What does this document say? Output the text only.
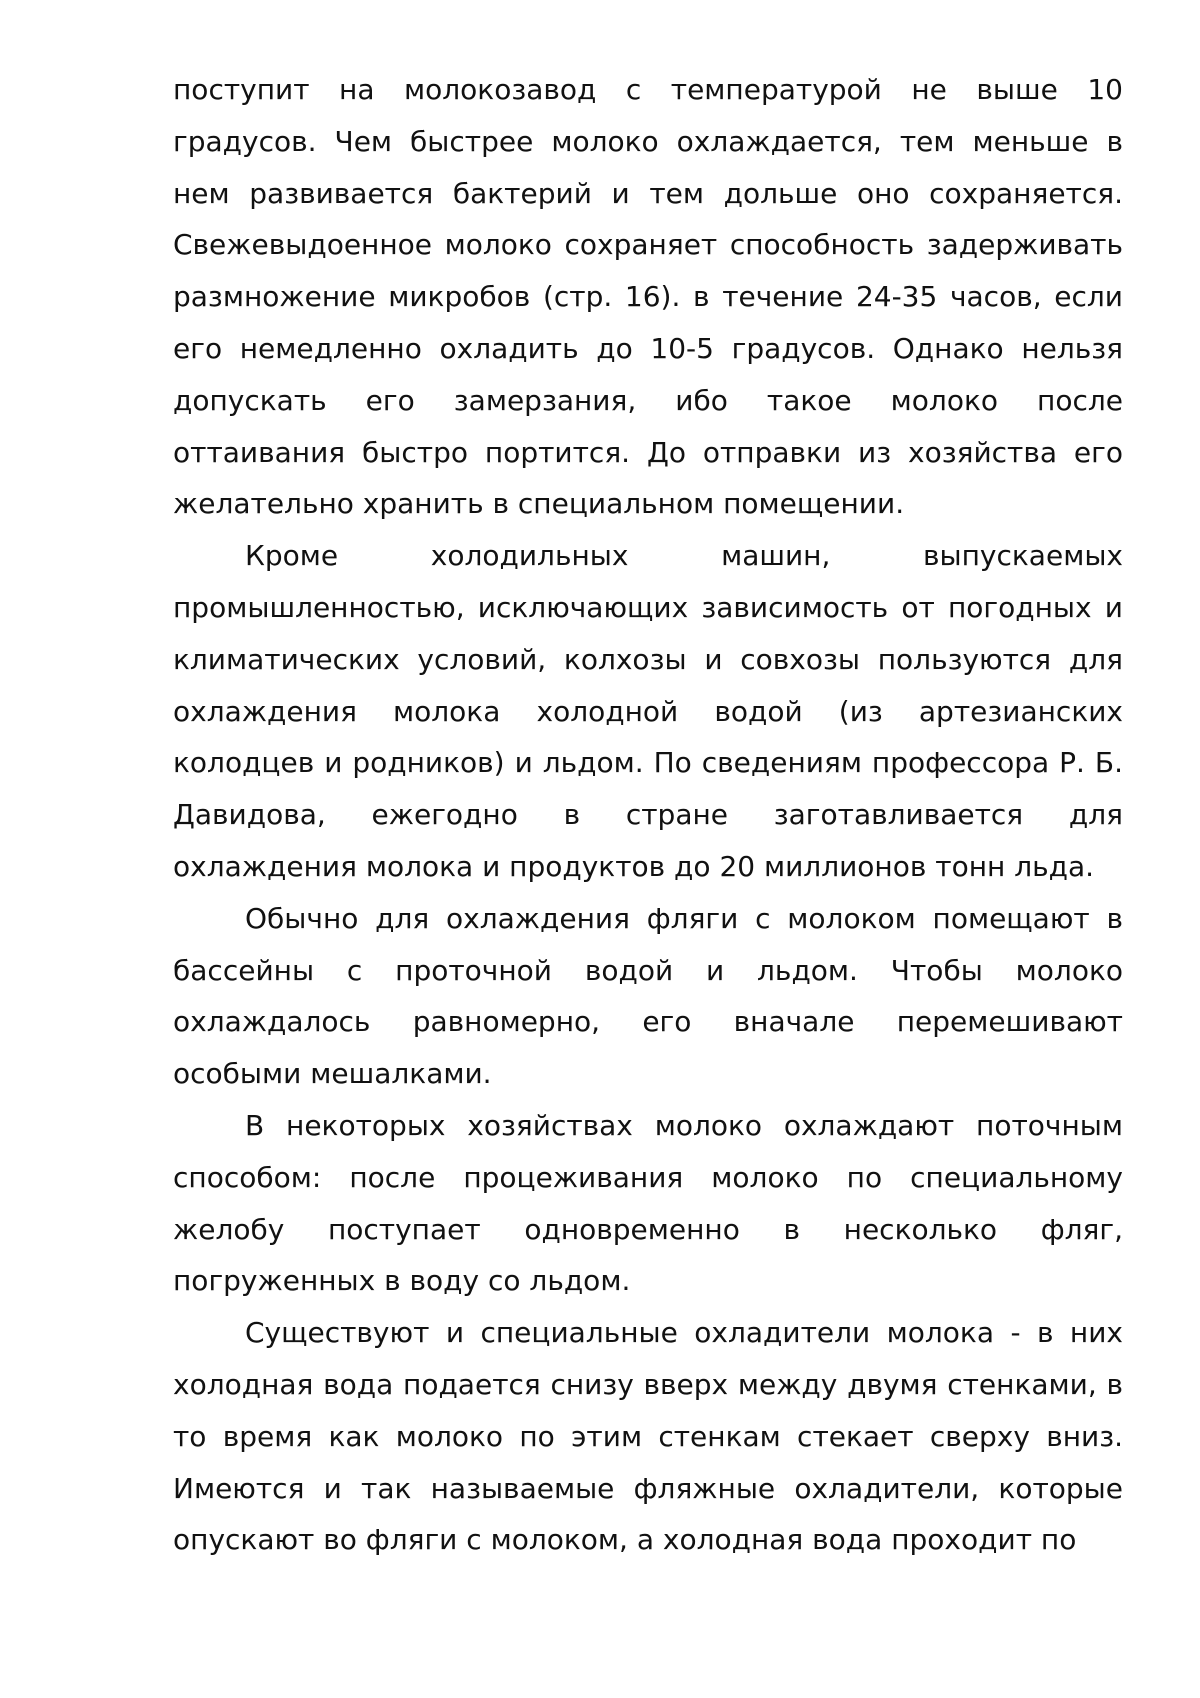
поступит на молокозавод с температурой не выше 10 градусов. Чем быстрее молоко охлаждается, тем меньше в нем развивается бактерий и тем дольше оно сохраняется. Свежевыдоенное молоко сохраняет способность задерживать размножение микробов (стр. 16). в течение 24-35 часов, если его немедленно охладить до 10-5 градусов. Однако нельзя допускать его замерзания, ибо такое молоко после оттаивания быстро портится. До отправки из хозяйства его желательно хранить в специальном помещении.

Кроме холодильных машин, выпускаемых промышленностью, исключающих зависимость от погодных и климатических условий, колхозы и совхозы пользуются для охлаждения молока холодной водой (из артезианских колодцев и родников) и льдом. По сведениям профессора Р. Б. Давидова, ежегодно в стране заготавливается для охлаждения молока и продуктов до 20 миллионов тонн льда.

Обычно для охлаждения фляги с молоком помещают в бассейны с проточной водой и льдом. Чтобы молоко охлаждалось равномерно, его вначале перемешивают особыми мешалками.

В некоторых хозяйствах молоко охлаждают поточным способом: после процеживания молоко по специальному желобу поступает одновременно в несколько фляг, погруженных в воду со льдом.

Существуют и специальные охладители молока - в них холодная вода подается снизу вверх между двумя стенками, в то время как молоко по этим стенкам стекает сверху вниз. Имеются и так называемые фляжные охладители, которые опускают во фляги с молоком, а холодная вода проходит по
